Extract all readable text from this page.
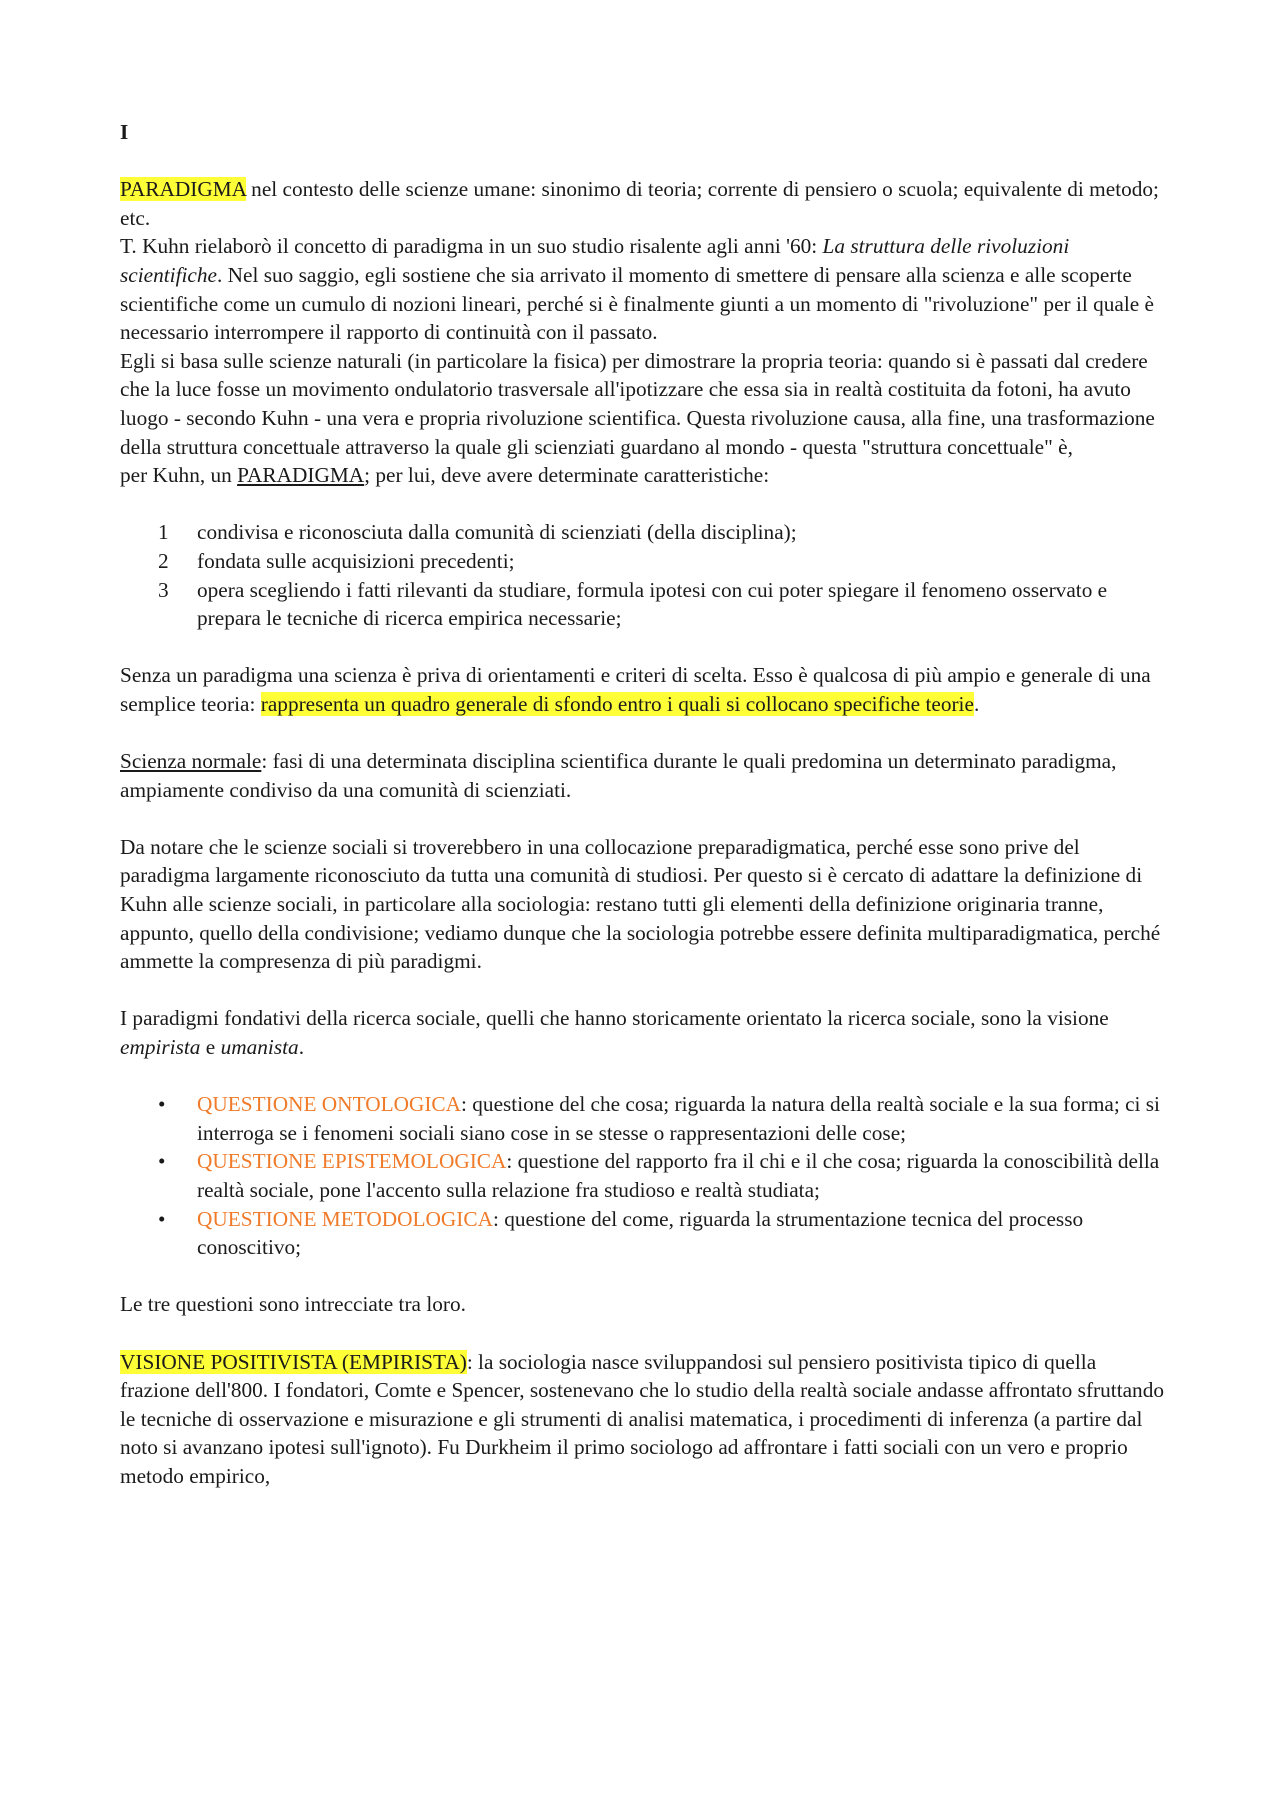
I

PARADIGMA nel contesto delle scienze umane: sinonimo di teoria; corrente di pensiero o scuola; equivalente di metodo; etc.

T. Kuhn rielaborò il concetto di paradigma in un suo studio risalente agli anni '60: La struttura delle rivoluzioni scientifiche. Nel suo saggio, egli sostiene che sia arrivato il momento di smettere di pensare alla scienza e alle scoperte scientifiche come un cumulo di nozioni lineari, perché si è finalmente giunti a un momento di "rivoluzione" per il quale è necessario interrompere il rapporto di continuità con il passato.

Egli si basa sulle scienze naturali (in particolare la fisica) per dimostrare la propria teoria: quando si è passati dal credere che la luce fosse un movimento ondulatorio trasversale all'ipotizzare che essa sia in realtà costituita da fotoni, ha avuto luogo - secondo Kuhn - una vera e propria rivoluzione scientifica. Questa rivoluzione causa, alla fine, una trasformazione della struttura concettuale attraverso la quale gli scienziati guardano al mondo - questa "struttura concettuale" è,
per Kuhn, un PARADIGMA; per lui, deve avere determinate caratteristiche:

1 condivisa e riconosciuta dalla comunità di scienziati (della disciplina);
2 fondata sulle acquisizioni precedenti;
3 opera scegliendo i fatti rilevanti da studiare, formula ipotesi con cui poter spiegare il fenomeno osservato e prepara le tecniche di ricerca empirica necessarie;

Senza un paradigma una scienza è priva di orientamenti e criteri di scelta. Esso è qualcosa di più ampio e generale di una semplice teoria: rappresenta un quadro generale di sfondo entro i quali si collocano specifiche teorie.

Scienza normale: fasi di una determinata disciplina scientifica durante le quali predomina un determinato paradigma, ampiamente condiviso da una comunità di scienziati.

Da notare che le scienze sociali si troverebbero in una collocazione preparadigmatica, perché esse sono prive del paradigma largamente riconosciuto da tutta una comunità di studiosi. Per questo si è cercato di adattare la definizione di Kuhn alle scienze sociali, in particolare alla sociologia: restano tutti gli elementi della definizione originaria tranne, appunto, quello della condivisione; vediamo dunque che la sociologia potrebbe essere definita multiparadigmatica, perché ammette la compresenza di più paradigmi.

I paradigmi fondativi della ricerca sociale, quelli che hanno storicamente orientato la ricerca sociale, sono la visione empirista e umanista.

• QUESTIONE ONTOLOGICA: questione del che cosa; riguarda la natura della realtà sociale e la sua forma; ci si interroga se i fenomeni sociali siano cose in se stesse o rappresentazioni delle cose;
• QUESTIONE EPISTEMOLOGICA: questione del rapporto fra il chi e il che cosa; riguarda la conoscibilità della realtà sociale, pone l'accento sulla relazione fra studioso e realtà studiata;
• QUESTIONE METODOLOGICA: questione del come, riguarda la strumentazione tecnica del processo conoscitivo;

Le tre questioni sono intrecciate tra loro.

VISIONE POSITIVISTA (EMPIRISTA): la sociologia nasce sviluppandosi sul pensiero positivista tipico di quella frazione dell'800. I fondatori, Comte e Spencer, sostenevano che lo studio della realtà sociale andasse affrontato sfruttando le tecniche di osservazione e misurazione e gli strumenti di analisi matematica, i procedimenti di inferenza (a partire dal noto si avanzano ipotesi sull'ignoto). Fu Durkheim il primo sociologo ad affrontare i fatti sociali con un vero e proprio metodo empirico,
